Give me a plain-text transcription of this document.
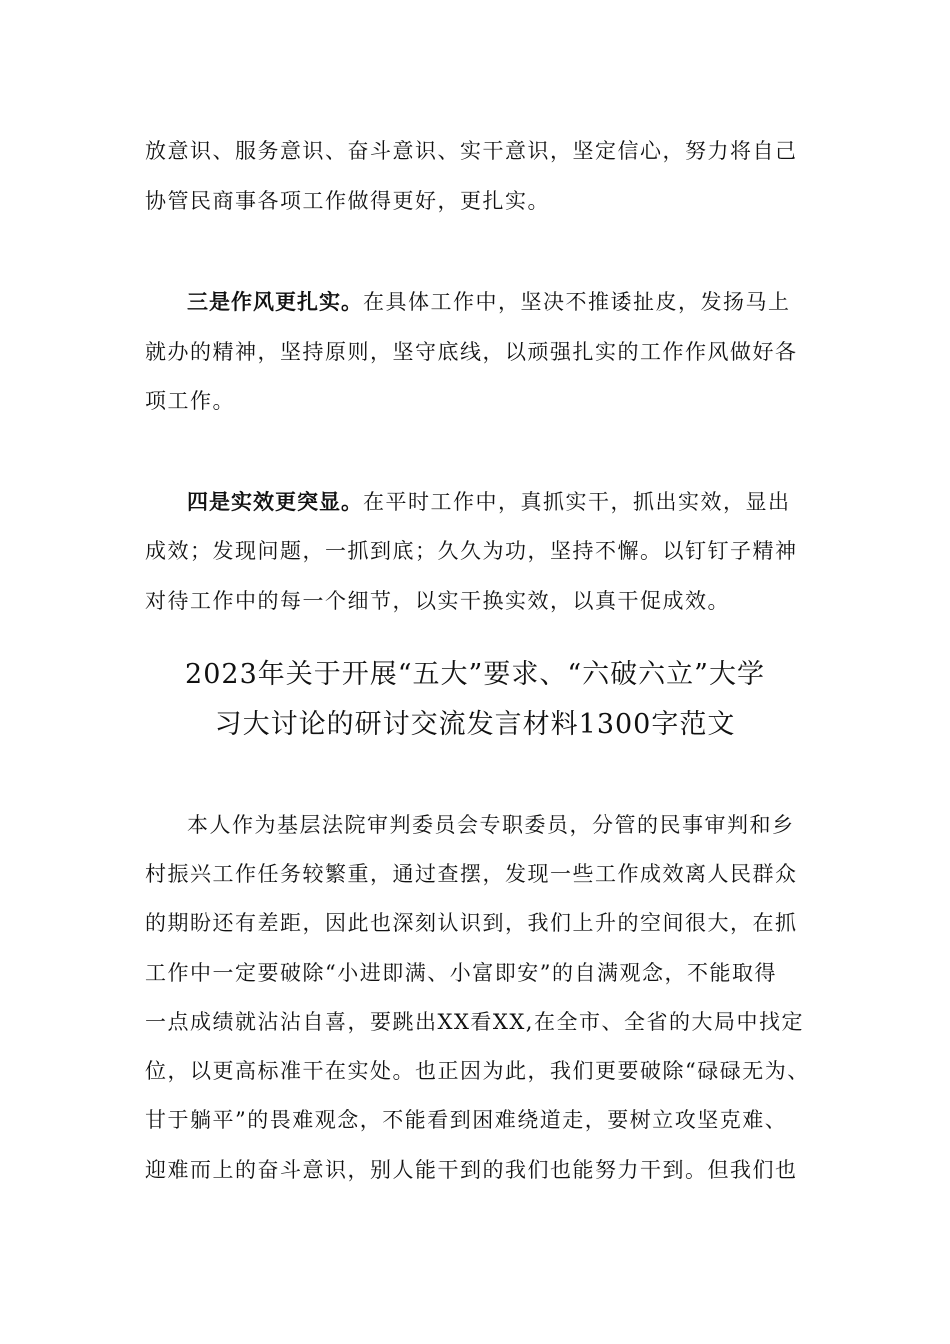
放意识、服务意识、奋斗意识、实干意识，坚定信心，努力将自己
协管民商事各项工作做得更好，更扎实。
三是作风更扎实。在具体工作中，坚决不推诿扯皮，发扬马上
就办的精神，坚持原则，坚守底线，以顽强扎实的工作作风做好各
项工作。
四是实效更突显。在平时工作中，真抓实干，抓出实效，显出
成效；发现问题，一抓到底；久久为功，坚持不懈。以钉钉子精神
对待工作中的每一个细节，以实干换实效，以真干促成效。
2023年关于开展“五大”要求、“六破六立”大学
习大讨论的研讨交流发言材料1300字范文
本人作为基层法院审判委员会专职委员，分管的民事审判和乡
村振兴工作任务较繁重，通过查摆，发现一些工作成效离人民群众
的期盼还有差距，因此也深刻认识到，我们上升的空间很大，在抓
工作中一定要破除“小进即满、小富即安”的自满观念，不能取得
一点成绩就沾沾自喜，要跳出XX看XX,在全市、全省的大局中找定
位，以更高标准干在实处。也正因为此，我们更要破除“碌碌无为、
甘于躺平”的畏难观念，不能看到困难绕道走，要树立攻坚克难、
迎难而上的奋斗意识，别人能干到的我们也能努力干到。但我们也
